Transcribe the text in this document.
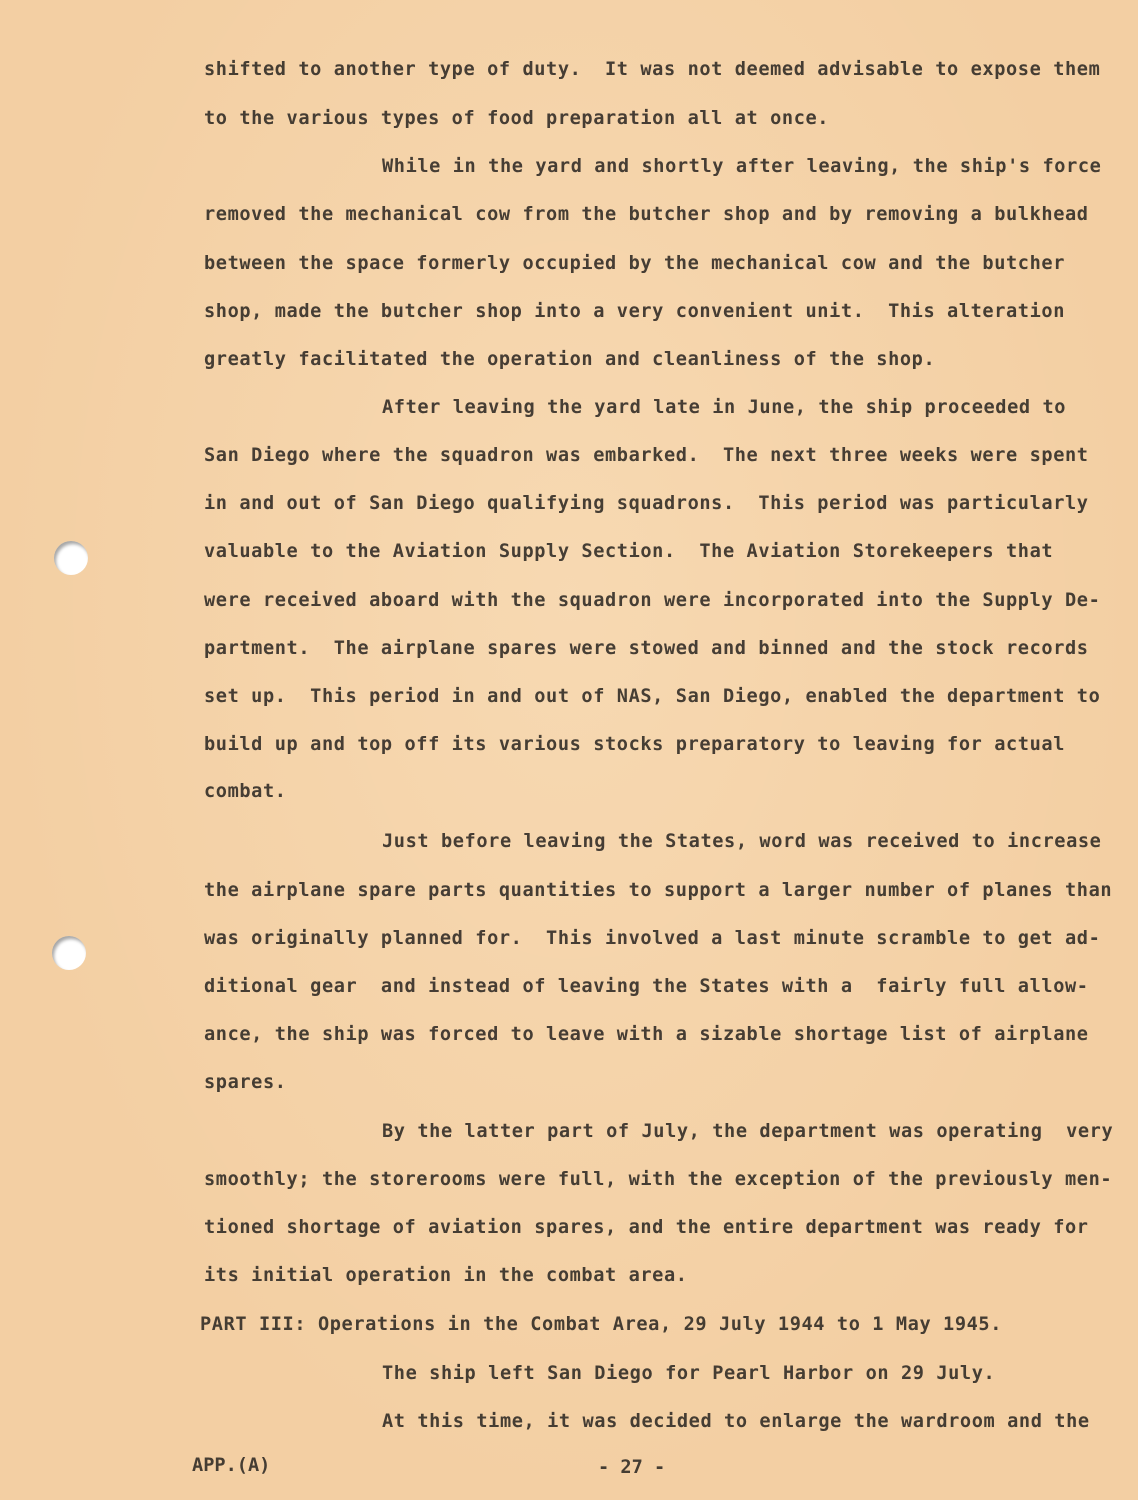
shifted to another type of duty.  It was not deemed advisable to expose them
to the various types of food preparation all at once.
While in the yard and shortly after leaving, the ship's force
removed the mechanical cow from the butcher shop and by removing a bulkhead
between the space formerly occupied by the mechanical cow and the butcher
shop, made the butcher shop into a very convenient unit.  This alteration
greatly facilitated the operation and cleanliness of the shop.
After leaving the yard late in June, the ship proceeded to
San Diego where the squadron was embarked.  The next three weeks were spent
in and out of San Diego qualifying squadrons.  This period was particularly
valuable to the Aviation Supply Section.  The Aviation Storekeepers that
were received aboard with the squadron were incorporated into the Supply De-
partment.  The airplane spares were stowed and binned and the stock records
set up.  This period in and out of NAS, San Diego, enabled the department to
build up and top off its various stocks preparatory to leaving for actual
combat.
Just before leaving the States, word was received to increase
the airplane spare parts quantities to support a larger number of planes than
was originally planned for.  This involved a last minute scramble to get ad-
ditional gear  and instead of leaving the States with a  fairly full allow-
ance, the ship was forced to leave with a sizable shortage list of airplane
spares.
By the latter part of July, the department was operating  very
smoothly; the storerooms were full, with the exception of the previously men-
tioned shortage of aviation spares, and the entire department was ready for
its initial operation in the combat area.
PART III: Operations in the Combat Area, 29 July 1944 to 1 May 1945.
The ship left San Diego for Pearl Harbor on 29 July.
At this time, it was decided to enlarge the wardroom and the
APP.(A)	- 27 -
